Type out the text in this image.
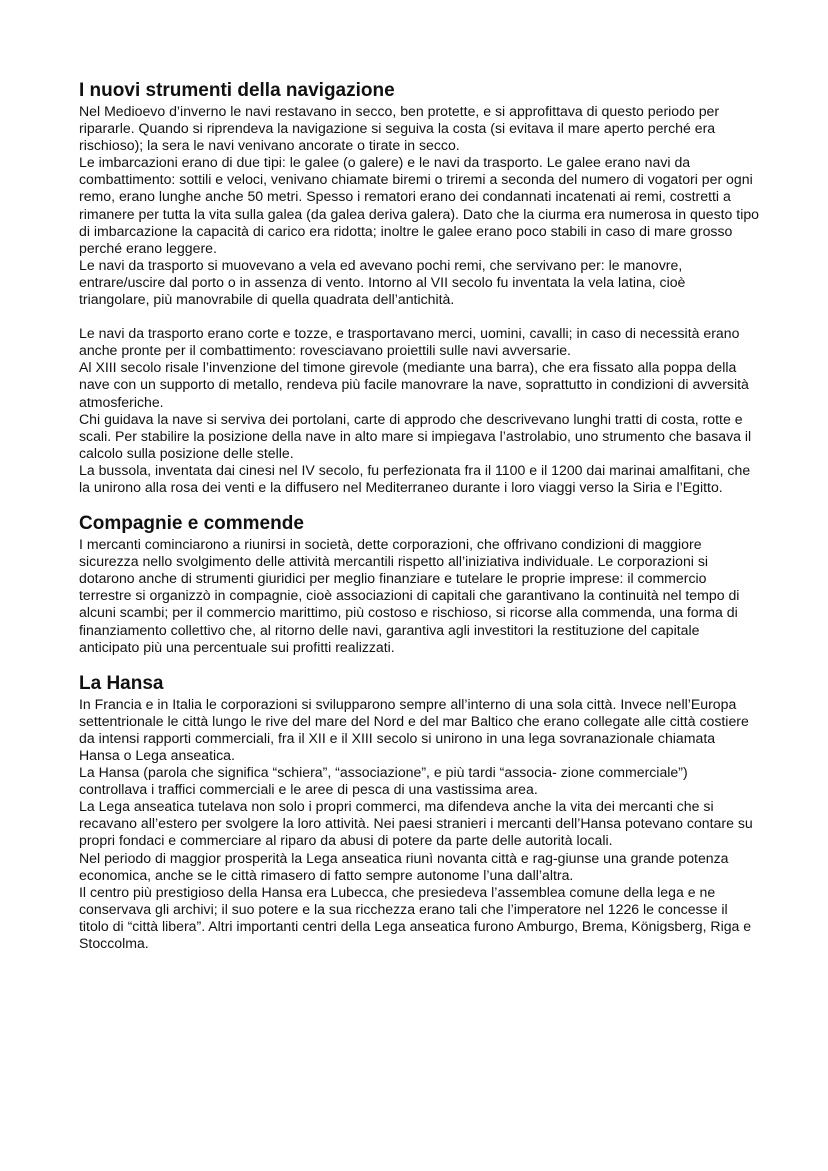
I nuovi strumenti della navigazione

Nel Medioevo d’inverno le navi restavano in secco, ben protette, e si approfittava di questo periodo per ripararle. Quando si riprendeva la navigazione si seguiva la costa (si evitava il mare aperto perché era rischioso); la sera le navi venivano ancorate o tirate in secco.

Le imbarcazioni erano di due tipi: le galee (o galere) e le navi da trasporto. Le galee erano navi da combattimento: sottili e veloci, venivano chiamate biremi o triremi a seconda del numero di vogatori per ogni remo, erano lunghe anche 50 metri. Spesso i rematori erano dei condannati incatenati ai remi, costretti a rimanere per tutta la vita sulla galea (da galea deriva galera). Dato che la ciurma era numerosa in questo tipo di imbarcazione la capacità di carico era ridotta; inoltre le galee erano poco stabili in caso di mare grosso perché erano leggere.

Le navi da trasporto si muovevano a vela ed avevano pochi remi, che servivano per: le manovre, entrare/uscire dal porto o in assenza di vento. Intorno al VII secolo fu inventata la vela latina, cioè triangolare, più manovrabile di quella quadrata dell’antichità.

Le navi da trasporto erano corte e tozze, e trasportavano merci, uomini, cavalli; in caso di necessità erano anche pronte per il combattimento: rovesciavano proiettili sulle navi avversarie.

Al XIII secolo risale l’invenzione del timone girevole (mediante una barra), che era fissato alla poppa della nave con un supporto di metallo, rendeva più facile manovrare la nave, soprattutto in condizioni di avversità atmosferiche.

Chi guidava la nave si serviva dei portolani, carte di approdo che descrivevano lunghi tratti di costa, rotte e scali. Per stabilire la posizione della nave in alto mare si impiegava l’astrolabio, uno strumento che basava il calcolo sulla posizione delle stelle.

La bussola, inventata dai cinesi nel IV secolo, fu perfezionata fra il 1100 e il 1200 dai marinai amalfitani, che la unirono alla rosa dei venti e la diffusero nel Mediterraneo durante i loro viaggi verso la Siria e l’Egitto.

Compagnie e commende

I mercanti cominciarono a riunirsi in società, dette corporazioni, che offrivano condizioni di maggiore sicurezza nello svolgimento delle attività mercantili rispetto all’iniziativa individuale. Le corporazioni si dotarono anche di strumenti giuridici per meglio finanziare e tutelare le proprie imprese: il commercio terrestre si organizzò in compagnie, cioè associazioni di capitali che garantivano la continuità nel tempo di alcuni scambi; per il commercio marittimo, più costoso e rischioso, si ricorse alla commenda, una forma di finanziamento collettivo che, al ritorno delle navi, garantiva agli investitori la restituzione del capitale anticipato più una percentuale sui profitti realizzati.

La Hansa

In Francia e in Italia le corporazioni si svilupparono sempre all’interno di una sola città. Invece nell’Europa settentrionale le città lungo le rive del mare del Nord e del mar Baltico che erano collegate alle città costiere da intensi rapporti commerciali, fra il XII e il XIII secolo si unirono in una lega sovranazionale chiamata Hansa o Lega anseatica.

La Hansa (parola che significa “schiera”, “associazione”, e più tardi “associa- zione commerciale”) controllava i traffici commerciali e le aree di pesca di una vastissima area.

La Lega anseatica tutelava non solo i propri commerci, ma difendeva anche la vita dei mercanti che si recavano all’estero per svolgere la loro attività. Nei paesi stranieri i mercanti dell’Hansa potevano contare su propri fondaci e commerciare al riparo da abusi di potere da parte delle autorità locali.

Nel periodo di maggior prosperità la Lega anseatica riunì novanta città e rag-giunse una grande potenza economica, anche se le città rimasero di fatto sempre autonome l’una dall’altra.

Il centro più prestigioso della Hansa era Lubecca, che presiedeva l’assemblea comune della lega e ne conservava gli archivi; il suo potere e la sua ricchezza erano tali che l’imperatore nel 1226 le concesse il titolo di “città libera”. Altri importanti centri della Lega anseatica furono Amburgo, Brema, Königsberg, Riga e Stoccolma.
